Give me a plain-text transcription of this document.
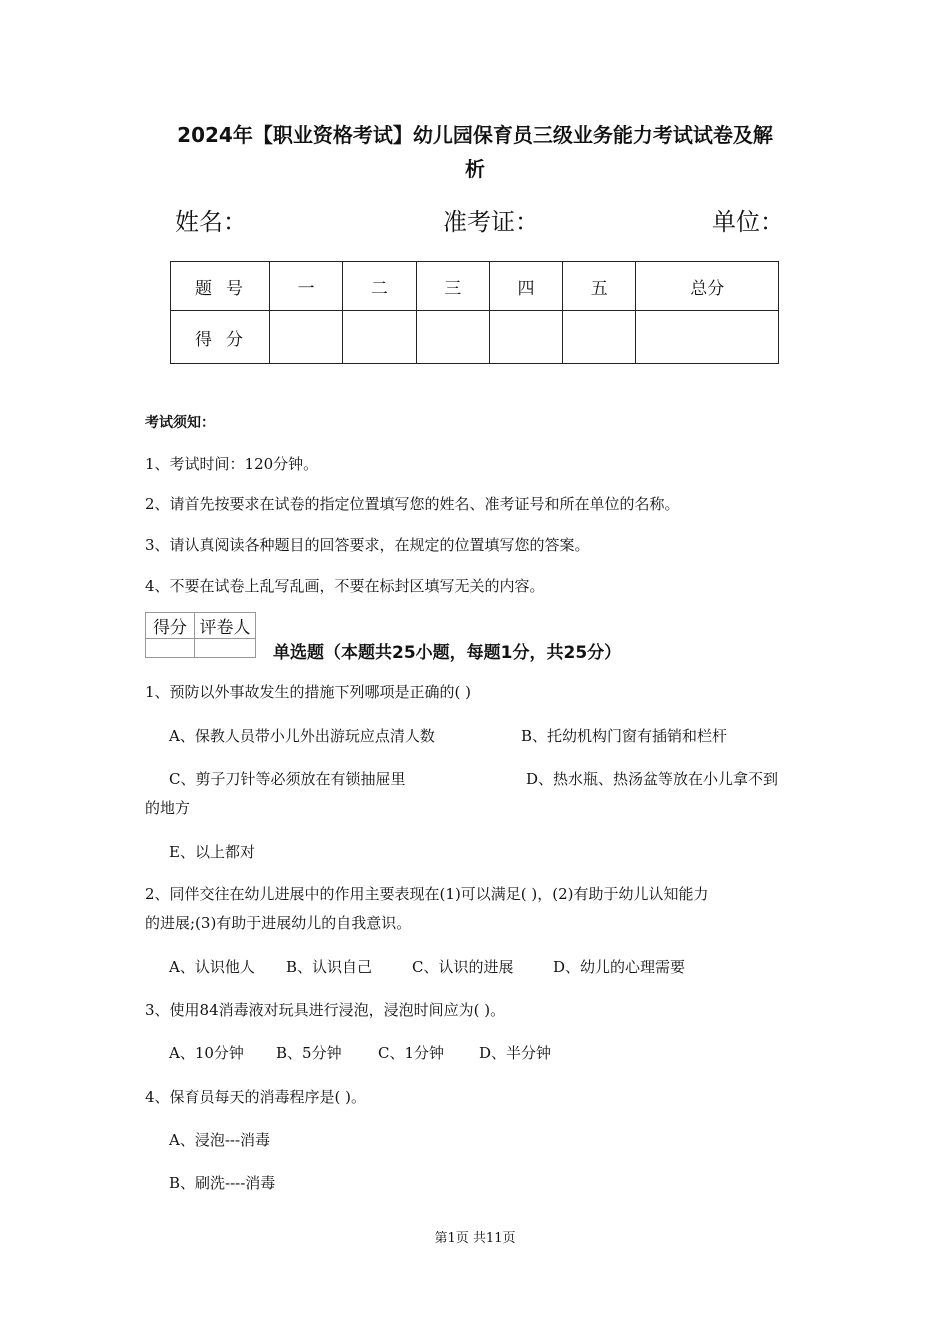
2024年【职业资格考试】幼儿园保育员三级业务能力考试试卷及解
析
姓名：	准考证：	单位：
题号	一	二	三	四	五	总分
得分						
考试须知：
1、考试时间：120分钟。
2、请首先按要求在试卷的指定位置填写您的姓名、准考证号和所在单位的名称。
3、请认真阅读各种题目的回答要求，在规定的位置填写您的答案。
4、不要在试卷上乱写乱画，不要在标封区填写无关的内容。
得分	评卷人

单选题（本题共25小题，每题1分，共25分）
1、预防以外事故发生的措施下列哪项是正确的( )
A、保教人员带小儿外出游玩应点清人数	B、托幼机构门窗有插销和栏杆
C、剪子刀针等必须放在有锁抽屉里	D、热水瓶、热汤盆等放在小儿拿不到
的地方
E、以上都对
2、同伴交往在幼儿进展中的作用主要表现在(1)可以满足( )，(2)有助于幼儿认知能力
的进展;(3)有助于进展幼儿的自我意识。
A、认识他人 B、认识自己	C、认识的进展	D、幼儿的心理需要
3、使用84消毒液对玩具进行浸泡，浸泡时间应为( )。
A、10分钟 B、5分钟 C、1分钟 D、半分钟
4、保育员每天的消毒程序是( )。
A、浸泡---消毒
B、刷洗----消毒
第1页 共11页
